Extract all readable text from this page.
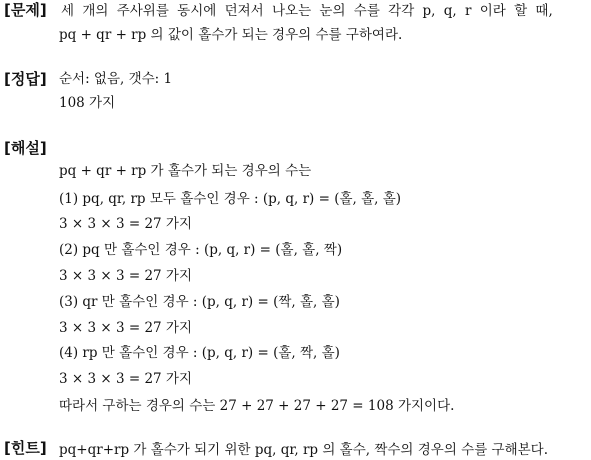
[문제] 세 개의 주사위를 동시에 던져서 나오는 눈의 수를 각각 p, q, r 이라 할 때,
pq + qr + rp 의 값이 홀수가 되는 경우의 수를 구하여라.
[정답] 순서: 없음, 갯수: 1
108 가지
[해설]
pq + qr + rp 가 홀수가 되는 경우의 수는
(1) pq, qr, rp 모두 홀수인 경우 : (p, q, r) = (홀, 홀, 홀)
3 × 3 × 3 = 27 가지
(2) pq 만 홀수인 경우 : (p, q, r) = (홀, 홀, 짝)
3 × 3 × 3 = 27 가지
(3) qr 만 홀수인 경우 : (p, q, r) = (짝, 홀, 홀)
3 × 3 × 3 = 27 가지
(4) rp 만 홀수인 경우 : (p, q, r) = (홀, 짝, 홀)
3 × 3 × 3 = 27 가지
따라서 구하는 경우의 수는 27 + 27 + 27 + 27 = 108 가지이다.
[힌트] pq+qr+rp 가 홀수가 되기 위한 pq, qr, rp 의 홀수, 짝수의 경우의 수를 구해본다.
